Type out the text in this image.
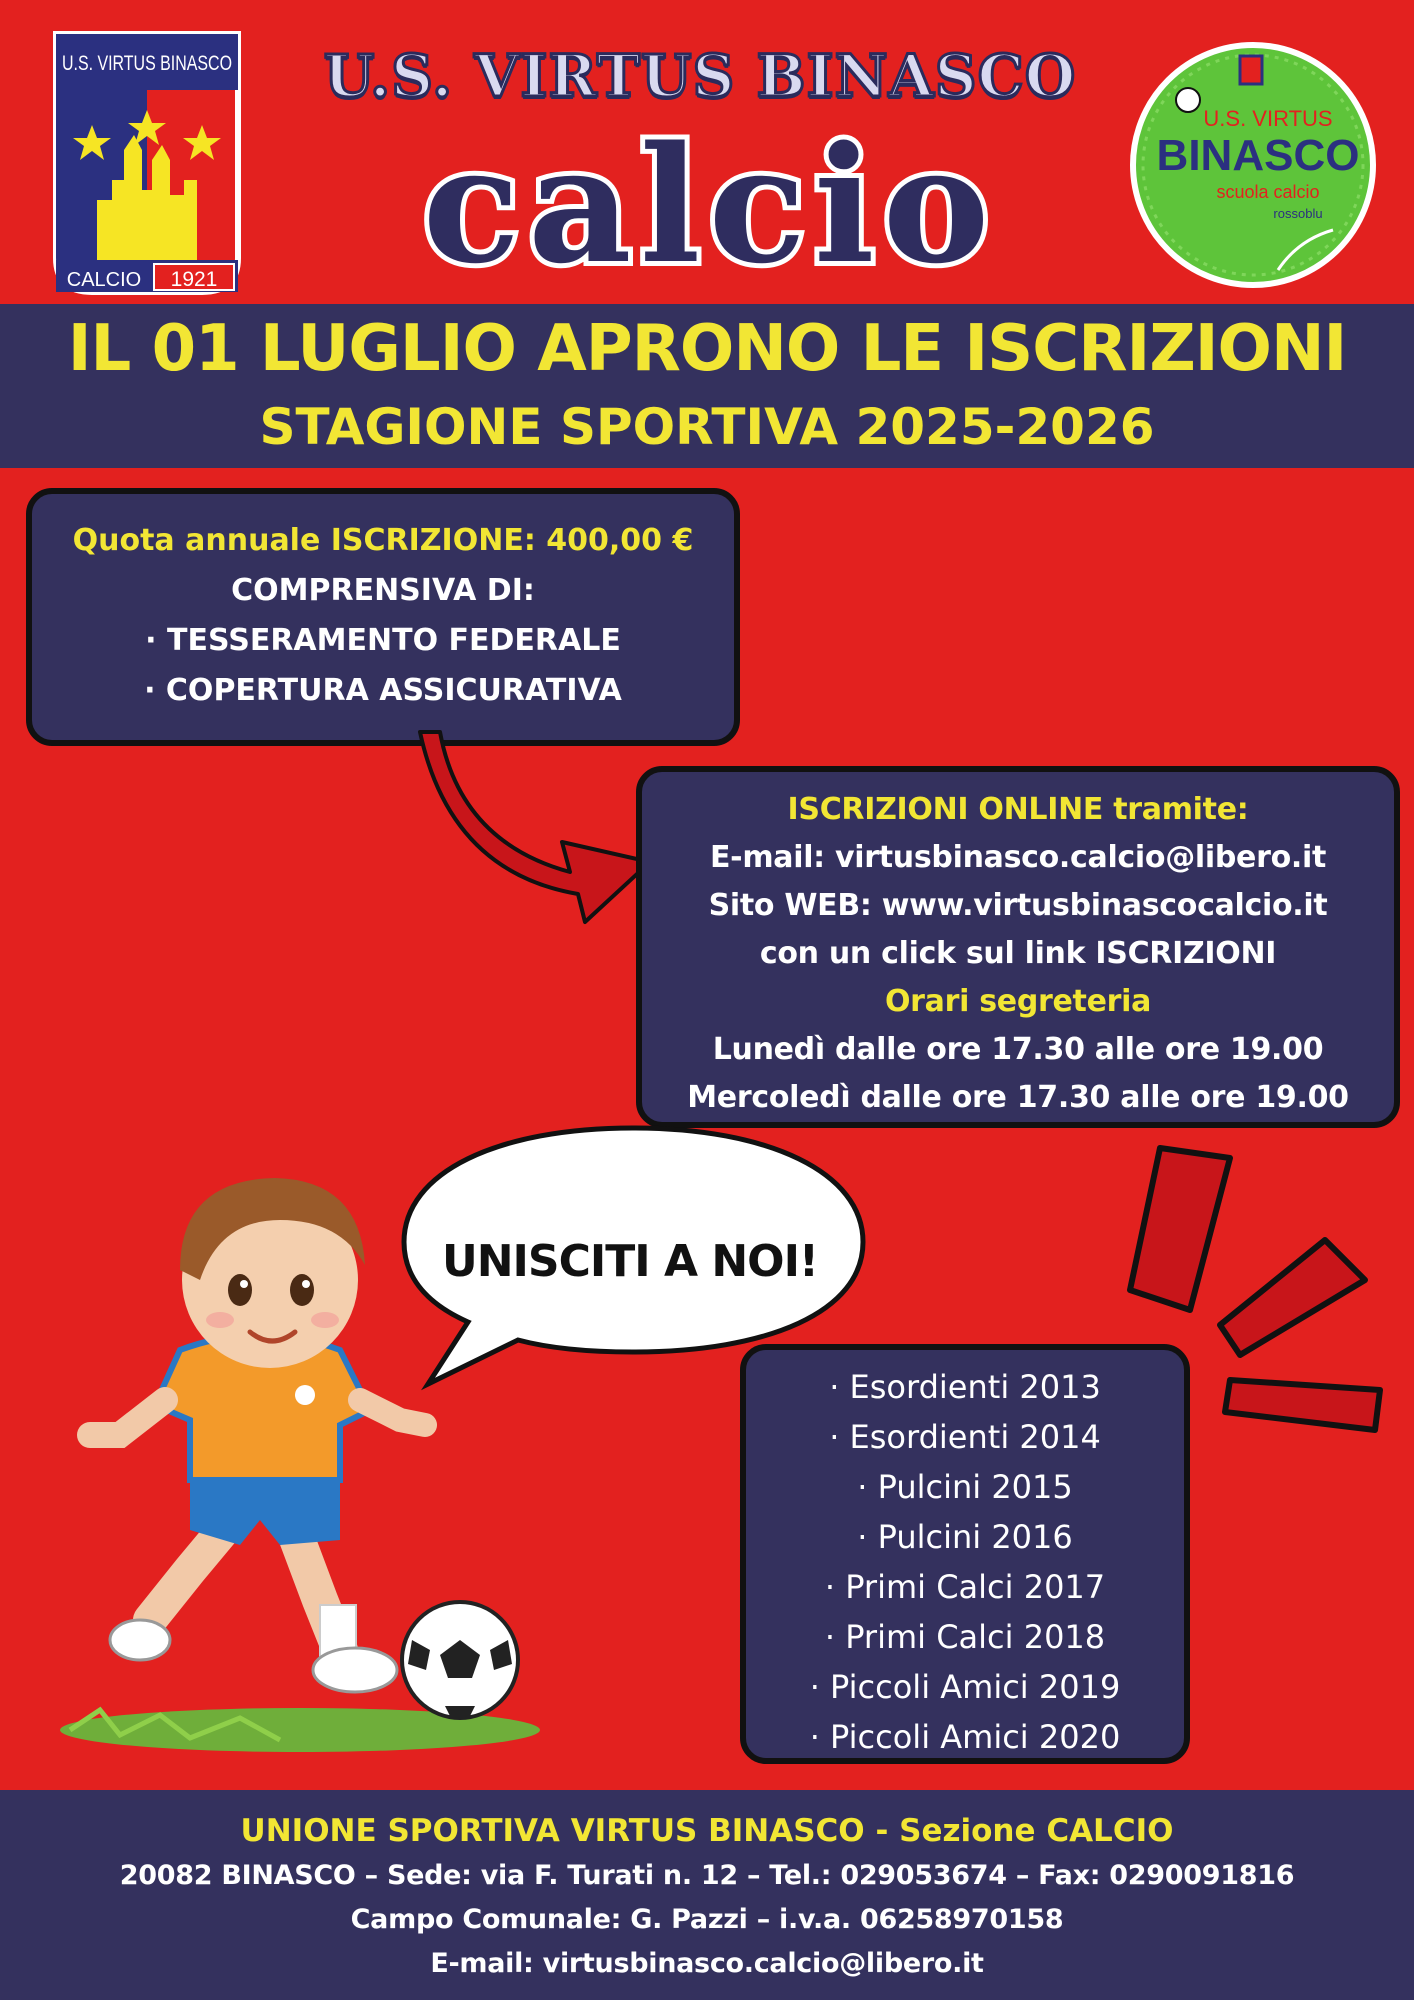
U.S. VIRTUS BINASCO
CALCIO 1921
U.S. VIRTUS BINASCO
calcio	U.S. VIRTUS
BINASCO
scuola calcio
rossoblu
IL 01 LUGLIO APRONO LE ISCRIZIONI
STAGIONE SPORTIVA 2025-2026
Quota annuale ISCRIZIONE: 400,00 €
COMPRENSIVA DI:
· TESSERAMENTO FEDERALE
· COPERTURA ASSICURATIVA
ISCRIZIONI ONLINE tramite:
E-mail: virtusbinasco.calcio@libero.it
Sito WEB: www.virtusbinascocalcio.it
con un click sul link ISCRIZIONI
Orari segreteria
Lunedì dalle ore 17.30 alle ore 19.00
Mercoledì dalle ore 17.30 alle ore 19.00
UNISCITI A NOI!
· Esordienti 2013
· Esordienti 2014
· Pulcini 2015
· Pulcini 2016
· Primi Calci 2017
· Primi Calci 2018
· Piccoli Amici 2019
· Piccoli Amici 2020
UNIONE SPORTIVA VIRTUS BINASCO - Sezione CALCIO
20082 BINASCO – Sede: via F. Turati n. 12 – Tel.: 029053674 – Fax: 0290091816
Campo Comunale: G. Pazzi – i.v.a. 06258970158
E-mail: virtusbinasco.calcio@libero.it
